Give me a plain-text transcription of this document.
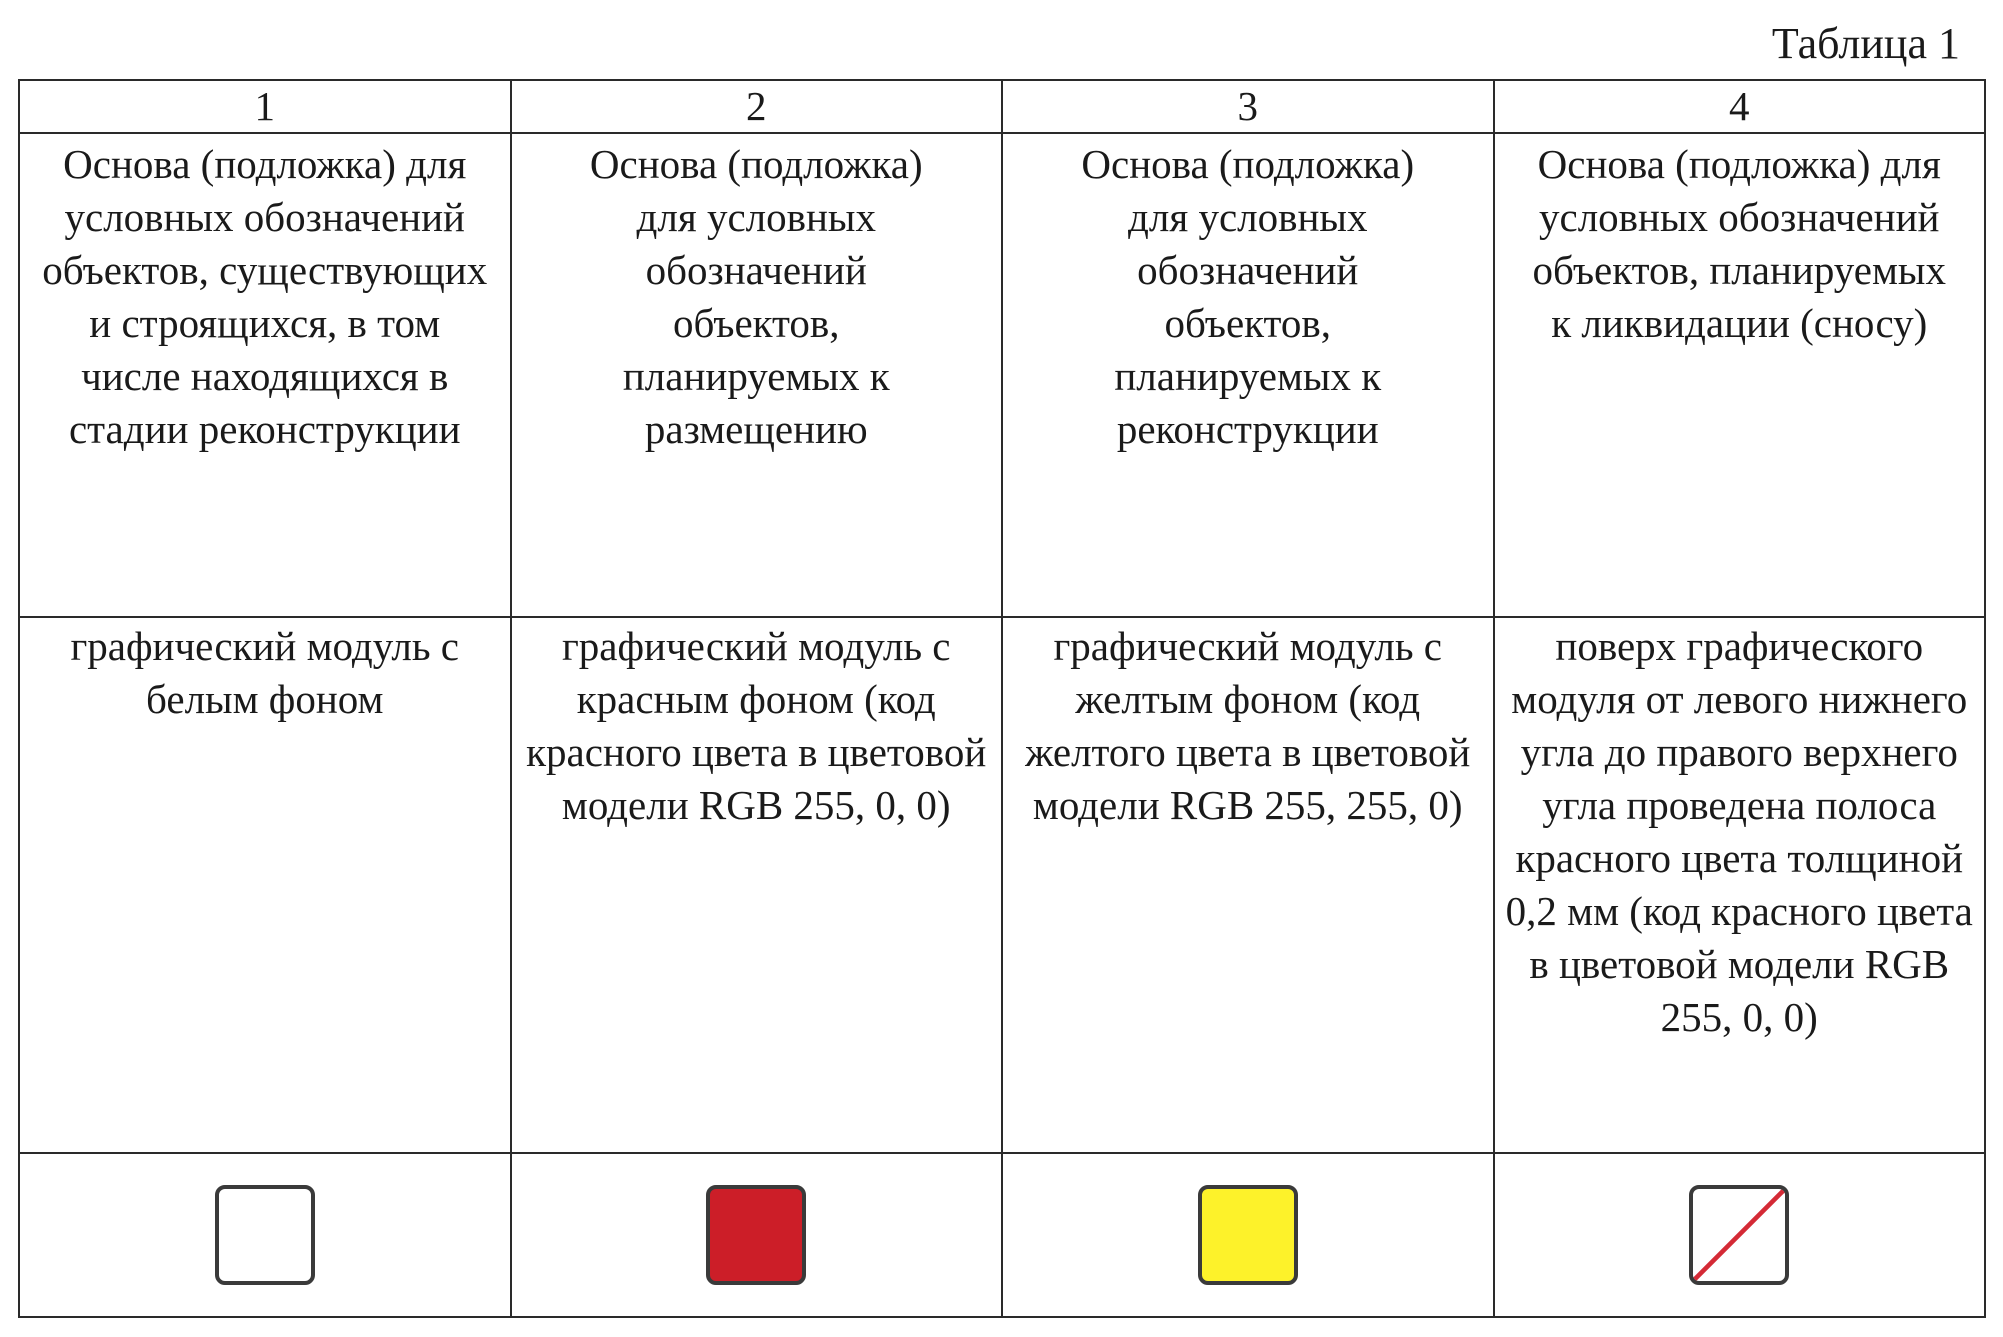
Таблица 1
1	2	3	4

Основа (подложка) для условных обозначений объектов, существующих и строящихся, в том числе находящихся в стадии реконструкции	Основа (подложка) для условных обозначений объектов, планируемых к размещению	Основа (подложка) для условных обозначений объектов, планируемых к реконструкции	Основа (подложка) для условных обозначений объектов, планируемых к ликвидации (сносу)

графический модуль с белым фоном	графический модуль с красным фоном (код красного цвета в цветовой модели RGB 255, 0, 0)	графический модуль с желтым фоном (код желтого цвета в цветовой модели RGB 255, 255, 0)	поверх графического модуля от левого нижнего угла до правого верхнего угла проведена полоса красного цвета толщиной 0,2 мм (код красного цвета в цветовой модели RGB 255, 0, 0)
